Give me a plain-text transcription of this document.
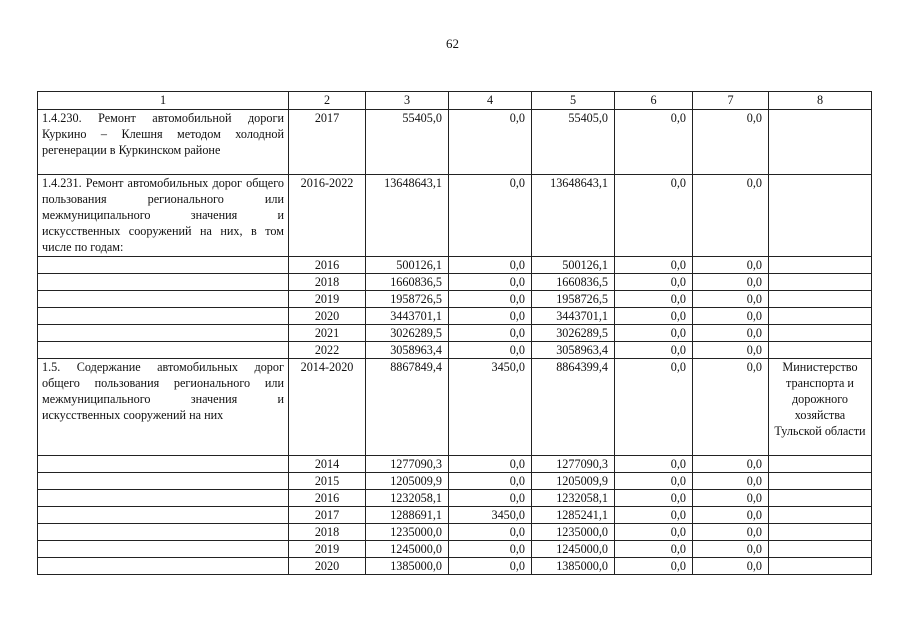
62
1	2	3	4	5	6	7	8
1.4.230. Ремонт автомобильной дороги Куркино – Клешня методом холодной регенерации в Куркинском районе	2017	55405,0	0,0	55405,0	0,0	0,0	
1.4.231. Ремонт автомобильных дорог общего пользования регионального или межмуниципального значения и искусственных сооружений на них, в том числе по годам:	2016-2022	13648643,1	0,0	13648643,1	0,0	0,0	
	2016	500126,1	0,0	500126,1	0,0	0,0	
	2018	1660836,5	0,0	1660836,5	0,0	0,0	
	2019	1958726,5	0,0	1958726,5	0,0	0,0	
	2020	3443701,1	0,0	3443701,1	0,0	0,0	
	2021	3026289,5	0,0	3026289,5	0,0	0,0	
	2022	3058963,4	0,0	3058963,4	0,0	0,0	
1.5. Содержание автомобильных дорог общего пользования регионального или межмуниципального значения и искусственных сооружений на них	2014-2020	8867849,4	3450,0	8864399,4	0,0	0,0	Министерство транспорта и дорожного хозяйства Тульской области
	2014	1277090,3	0,0	1277090,3	0,0	0,0	
	2015	1205009,9	0,0	1205009,9	0,0	0,0	
	2016	1232058,1	0,0	1232058,1	0,0	0,0	
	2017	1288691,1	3450,0	1285241,1	0,0	0,0	
	2018	1235000,0	0,0	1235000,0	0,0	0,0	
	2019	1245000,0	0,0	1245000,0	0,0	0,0	
	2020	1385000,0	0,0	1385000,0	0,0	0,0	
